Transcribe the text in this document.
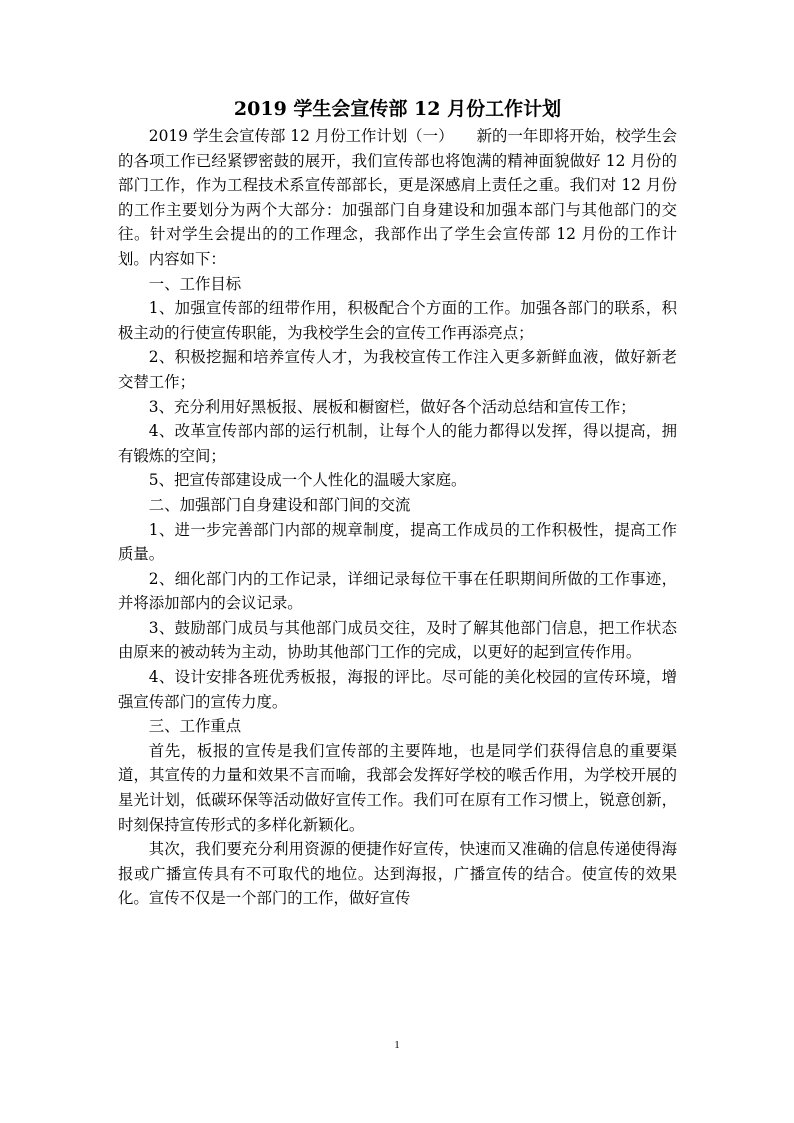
2019 学生会宣传部 12 月份工作计划

2019 学生会宣传部 12 月份工作计划（一）　　新的一年即将开始，校学生会的各项工作已经紧锣密鼓的展开，我们宣传部也将饱满的精神面貌做好 12 月份的部门工作，作为工程技术系宣传部部长，更是深感肩上责任之重。我们对 12 月份的工作主要划分为两个大部分：加强部门自身建设和加强本部门与其他部门的交往。针对学生会提出的的工作理念，我部作出了学生会宣传部 12 月份的工作计划。内容如下：

一、工作目标

1、加强宣传部的纽带作用，积极配合个方面的工作。加强各部门的联系，积极主动的行使宣传职能，为我校学生会的宣传工作再添亮点；

2、积极挖掘和培养宣传人才，为我校宣传工作注入更多新鲜血液，做好新老交替工作；

3、充分利用好黑板报、展板和橱窗栏，做好各个活动总结和宣传工作；

4、改革宣传部内部的运行机制，让每个人的能力都得以发挥，得以提高，拥有锻炼的空间；

5、把宣传部建设成一个人性化的温暖大家庭。

二、加强部门自身建设和部门间的交流

1、进一步完善部门内部的规章制度，提高工作成员的工作积极性，提高工作质量。

2、细化部门内的工作记录，详细记录每位干事在任职期间所做的工作事迹，并将添加部内的会议记录。

3、鼓励部门成员与其他部门成员交往，及时了解其他部门信息，把工作状态由原来的被动转为主动，协助其他部门工作的完成，以更好的起到宣传作用。

4、设计安排各班优秀板报，海报的评比。尽可能的美化校园的宣传环境，增强宣传部门的宣传力度。

三、工作重点

首先，板报的宣传是我们宣传部的主要阵地，也是同学们获得信息的重要渠道，其宣传的力量和效果不言而喻，我部会发挥好学校的喉舌作用，为学校开展的星光计划，低碳环保等活动做好宣传工作。我们可在原有工作习惯上，锐意创新，时刻保持宣传形式的多样化新颖化。

其次，我们要充分利用资源的便捷作好宣传，快速而又准确的信息传递使得海报或广播宣传具有不可取代的地位。达到海报，广播宣传的结合。使宣传的效果化。宣传不仅是一个部门的工作，做好宣传

1
